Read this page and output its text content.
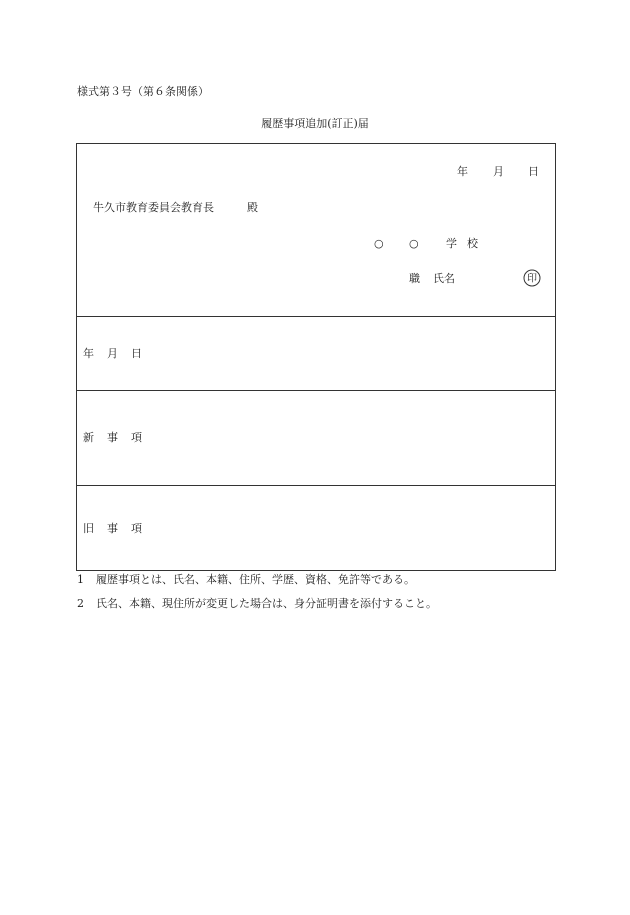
様式第３号（第６条関係）
履歴事項追加(訂正)届
年 月 日
牛久市教育委員会教育長	殿
○ ○ 学 校
職 氏名	印
年 月 日
新 事 項
旧 事 項
1 履歴事項とは、氏名、本籍、住所、学歴、資格、免許等である。
2 氏名、本籍、現住所が変更した場合は、身分証明書を添付すること。
